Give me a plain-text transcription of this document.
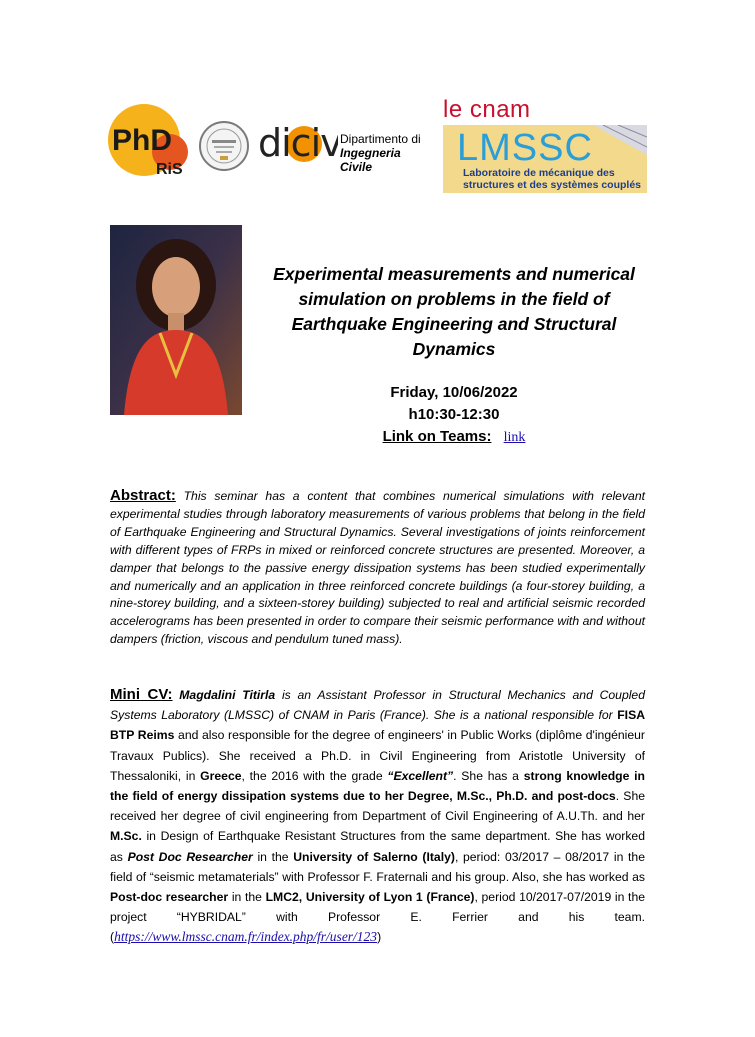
PhD
RiS
diciv
Dipartimento di
Ingegneria Civile
le cnam
LMSSC
Laboratoire de mécanique des
structures et des systèmes couplés
Experimental measurements and numerical simulation on problems in the field of Earthquake Engineering and Structural Dynamics
Friday, 10/06/2022
h10:30-12:30
Link on Teams: link
Abstract: This seminar has a content that combines numerical simulations with relevant experimental studies through laboratory measurements of various problems that belong in the field of Earthquake Engineering and Structural Dynamics. Several investigations of joints reinforcement with different types of FRPs in mixed or reinforced concrete structures are presented. Moreover, a damper that belongs to the passive energy dissipation systems has been studied experimentally and numerically and an application in three reinforced concrete buildings (a four-storey building, a nine-storey building, and a sixteen-storey building) subjected to real and artificial seismic recorded accelerograms has been presented in order to compare their seismic performance with and without dampers (friction, viscous and pendulum tuned mass).
Mini CV: Magdalini Titirla is an Assistant Professor in Structural Mechanics and Coupled Systems Laboratory (LMSSC) of CNAM in Paris (France). She is a national responsible for FISA BTP Reims and also responsible for the degree of engineers' in Public Works (diplôme d'ingénieur Travaux Publics). She received a Ph.D. in Civil Engineering from Aristotle University of Thessaloniki, in Greece, the 2016 with the grade “Excellent”. She has a strong knowledge in the field of energy dissipation systems due to her Degree, M.Sc., Ph.D. and post-docs. She received her degree of civil engineering from Department of Civil Engineering of A.U.Th. and her M.Sc. in Design of Earthquake Resistant Structures from the same department. She has worked as Post Doc Researcher in the University of Salerno (Italy), period: 03/2017 – 08/2017 in the field of “seismic metamaterials” with Professor F. Fraternali and his group. Also, she has worked as Post-doc researcher in the LMC2, University of Lyon 1 (France), period 10/2017-07/2019 in the project “HYBRIDAL” with Professor E. Ferrier and his team. (https://www.lmssc.cnam.fr/index.php/fr/user/123)
